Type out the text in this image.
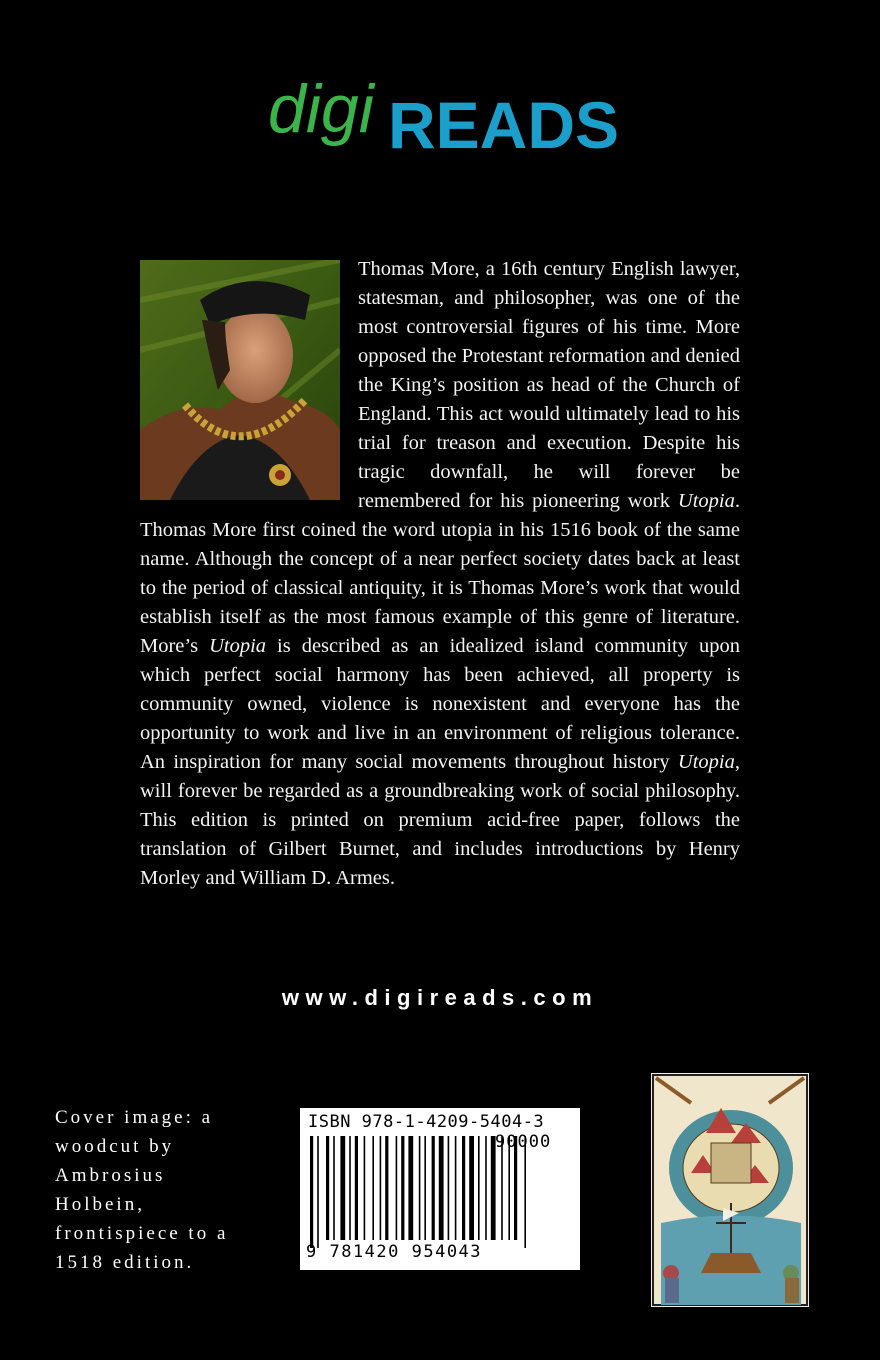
digi READS
Thomas More, a 16th century English lawyer, statesman, and philosopher, was one of the most controversial figures of his time. More opposed the Protestant reformation and denied the King’s position as head of the Church of England. This act would ultimately lead to his trial for treason and execution. Despite his tragic downfall, he will forever be remembered for his pioneering work Utopia. Thomas More first coined the word utopia in his 1516 book of the same name. Although the concept of a near perfect society dates back at least to the period of classical antiquity, it is Thomas More’s work that would establish itself as the most famous example of this genre of literature. More’s Utopia is described as an idealized island community upon which perfect social harmony has been achieved, all property is community owned, violence is nonexistent and everyone has the opportunity to work and live in an environment of religious tolerance. An inspiration for many social movements throughout history Utopia, will forever be regarded as a groundbreaking work of social philosophy. This edition is printed on premium acid-free paper, follows the translation of Gilbert Burnet, and includes introductions by Henry Morley and William D. Armes.
www.digireads.com
Cover image: a
woodcut by
Ambrosius
Holbein,
frontispiece to a
1518 edition.
ISBN 978-1-4209-5404-3
90000
9 781420 954043
